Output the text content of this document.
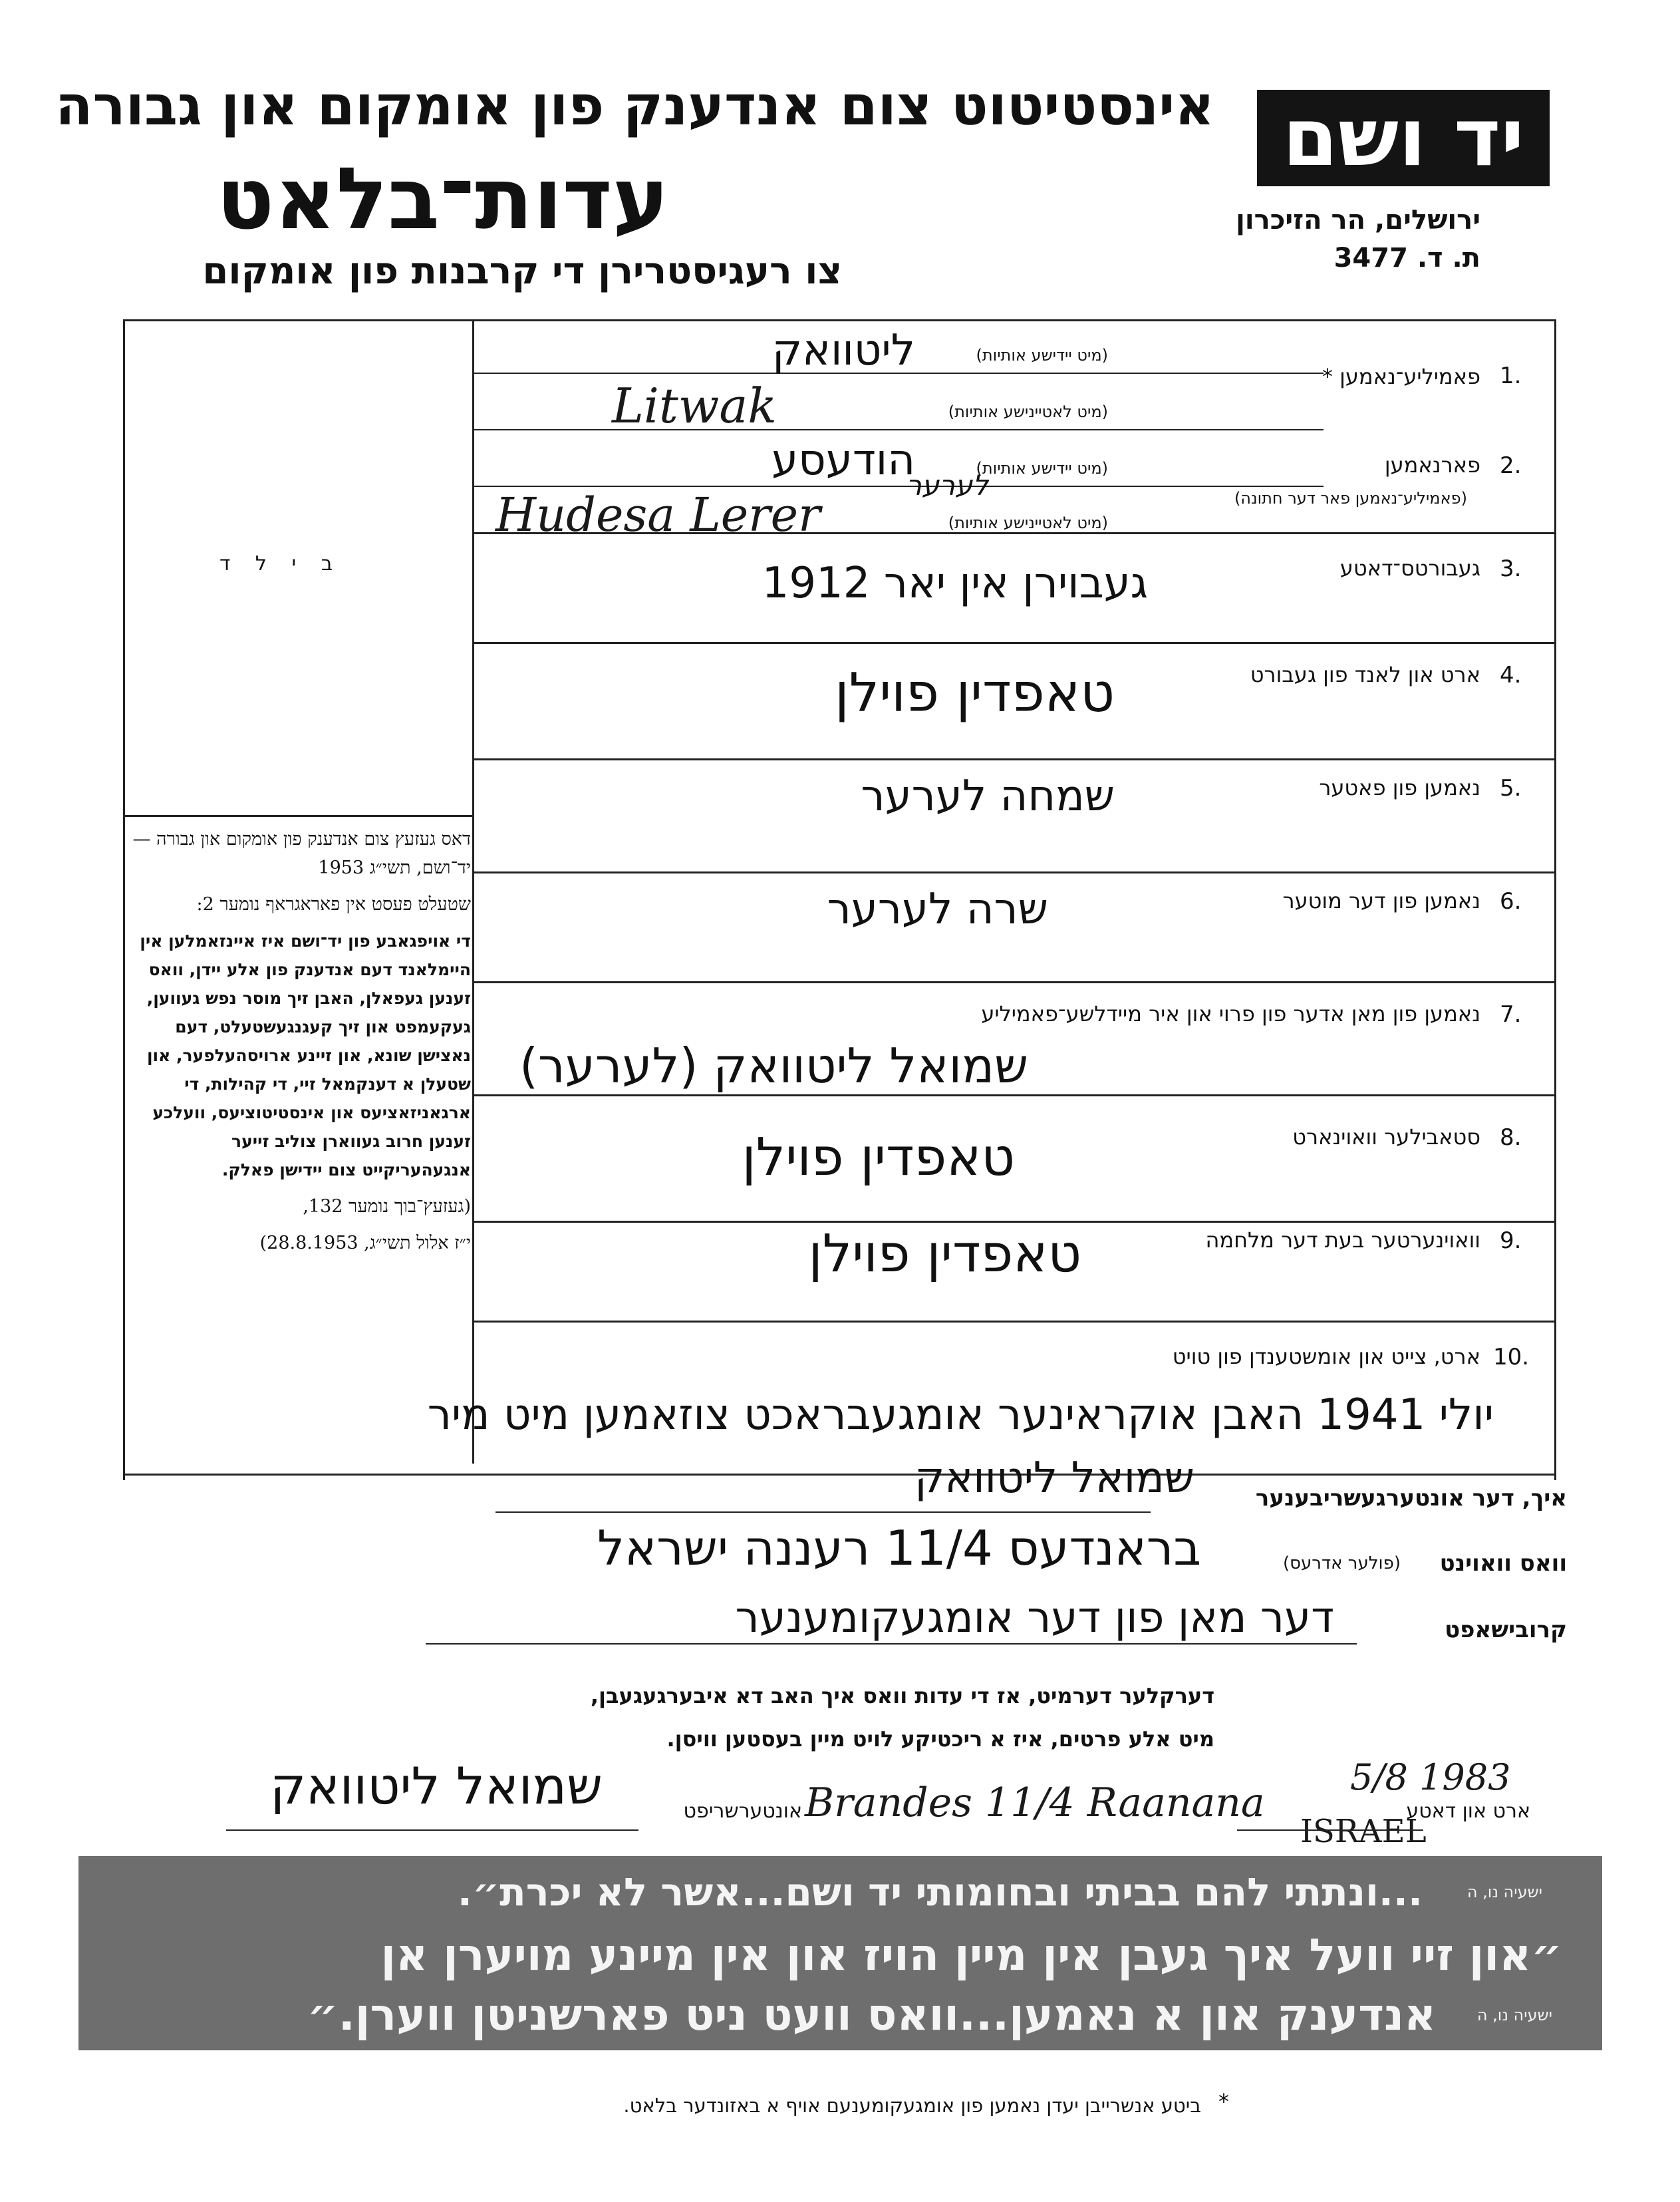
יד ושם
אינסטיטוט צום אנדענק פון אומקום און גבורה
עדות־בלאט
צו רעגיסטרירן די קרבנות פון אומקום
ירושלים, הר הזיכרון
ת. ד. 3477
ב י ל ד
1.
פאמיליע־נאמען *
(מיט יידישע אותיות)
ליטוואק
(מיט לאטיינישע אותיות)
Litwak
2.
פארנאמען
(פאמיליע־נאמען פאר דער חתונה)
(מיט יידישע אותיות)
הודעסע
לערער
(מיט לאטיינישע אותיות)
Hudesa Lerer
3.
געבורטס־דאטע
געבוירן אין יאר 1912
4.
ארט און לאנד פון געבורט
טאפדין פוילן
5.
נאמען פון פאטער
שמחה לערער
6.
נאמען פון דער מוטער
שרה לערער
7.
נאמען פון מאן אדער פון פרוי און איר מיידלשע־פאמיליע
שמואל ליטוואק (לערער)
8.
סטאבילער וואוינארט
טאפדין פוילן
9.
וואוינערטער בעת דער מלחמה
טאפדין פוילן
10.
ארט, צייט און אומשטענדן פון טויט
יולי 1941 האבן אוקראינער אומגעבראכט צוזאמען מיט מיר

דאס געזעץ צום אנדענק פון אומקום און גבורה — יד־ושם, תשי״ג 1953

שטעלט פעסט אין פאראגראף נומער 2:

די אויפגאבע פון יד־ושם איז איינזאמלען אין היימלאנד דעם אנדענק פון אלע יידן, וואס זענען געפאלן, האבן זיך מוסר נפש געווען, געקעמפט און זיך קעגנגעשטעלט, דעם נאצישן שונא, און זיינע ארויסהעלפער, און שטעלן א דענקמאל זיי, די קהילות, די ארגאניזאציעס און אינסטיטוציעס, וועלכע זענען חרוב געווארן צוליב זייער אנגעהעריקייט צום יידישן פאלק.

(געזעץ־בוך נומער 132,

י״ז אלול תשי״ג, 28.8.1953)

איך, דער אונטערגעשריבענער
שמואל ליטוואק
וואס וואוינט
(פולער אדרעס)
בראנדעס 11/4 רעננה ישראל
קרובישאפט
דער מאן פון דער אומגעקומענער
דערקלער דערמיט, אז די עדות וואס איך האב דא איבערגעגעבן,
מיט אלע פרטים, איז א ריכטיקע לויט מיין בעסטען וויסן.
ארט און דאטע
5/8 1983
Brandes 11/4 Raanana
ISRAEL
אונטערשריפט
שמואל ליטוואק
...ונתתי להם בביתי ובחומותי יד ושם...אשר לא יכרת״.	ישעיה נו, ה
״און זיי וועל איך געבן אין מיין הויז און אין מיינע מויערן אן
אנדענק און א נאמען...וואס וועט ניט פארשניטן ווערן.״	ישעיה נו, ה
*
ביטע אנשרייבן יעדן נאמען פון אומגעקומענעם אויף א באזונדער בלאט.
